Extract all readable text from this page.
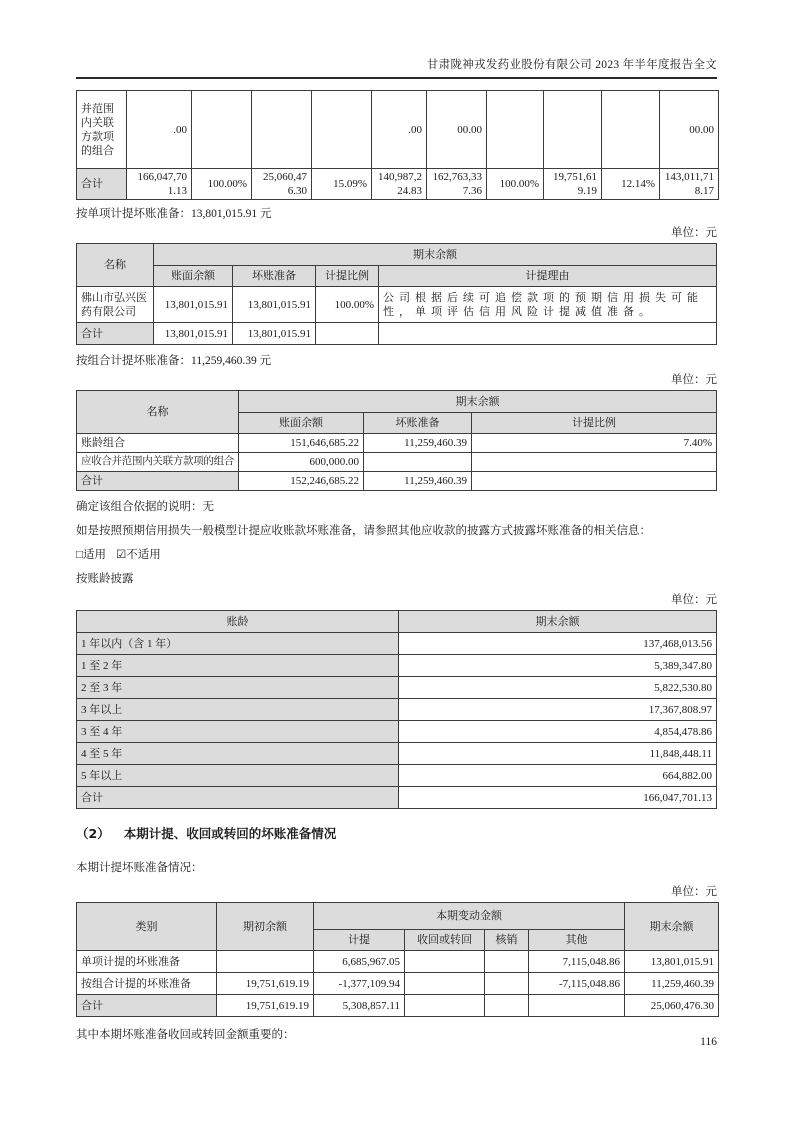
甘肃陇神戎发药业股份有限公司 2023 年半年度报告全文
并范围内关联方款项的组合	.00				.00	00.00				00.00
合计	166,047,701.13	100.00%	25,060,476.30	15.09%	140,987,224.83	162,763,337.36	100.00%	19,751,619.19	12.14%	143,011,718.17

按单项计提坏账准备：13,801,015.91 元

单位：元
名称	期末余额			
	账面余额	坏账准备	计提比例	计提理由
佛山市弘兴医药有限公司	13,801,015.91	13,801,015.91	100.00%	公司根据后续可追偿款项的预期信用损失可能性，单项评估信用风险计提减值准备。
合计	13,801,015.91	13,801,015.91		

按组合计提坏账准备：11,259,460.39 元

单位：元
名称	期末余额		
	账面余额	坏账准备	计提比例
账龄组合	151,646,685.22	11,259,460.39	7.40%
应收合并范围内关联方款项的组合	600,000.00		
合计	152,246,685.22	11,259,460.39	

确定该组合依据的说明：无

如是按照预期信用损失一般模型计提应收账款坏账准备，请参照其他应收款的披露方式披露坏账准备的相关信息：

□适用 ☑不适用

按账龄披露

单位：元
账龄	期末余额
1 年以内（含 1 年）	137,468,013.56
1 至 2 年	5,389,347.80
2 至 3 年	5,822,530.80
3 年以上	17,367,808.97
3 至 4 年	4,854,478.86
4 至 5 年	11,848,448.11
5 年以上	664,882.00
合计	166,047,701.13

（2） 本期计提、收回或转回的坏账准备情况

本期计提坏账准备情况：

单位：元
类别	期初余额	本期变动金额				期末余额
		计提	收回或转回	核销	其他	
单项计提的坏账准备		6,685,967.05			7,115,048.86	13,801,015.91
按组合计提的坏账准备	19,751,619.19	-1,377,109.94			-7,115,048.86	11,259,460.39
合计	19,751,619.19	5,308,857.11				25,060,476.30

其中本期坏账准备收回或转回金额重要的：

116
